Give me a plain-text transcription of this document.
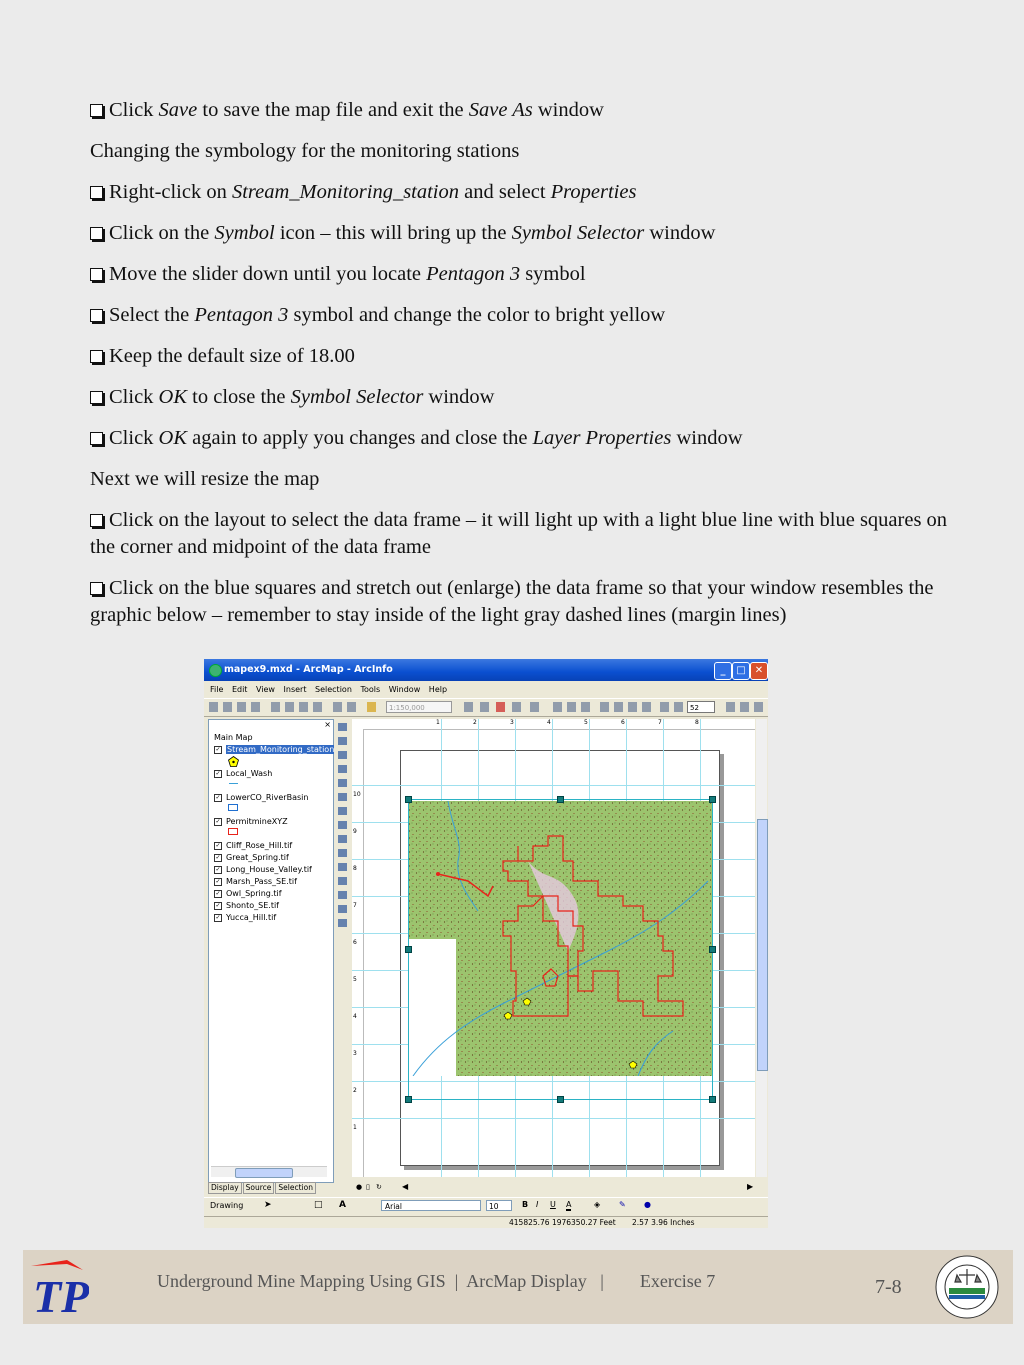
Click Save to save the map file and exit the Save As window

Changing the symbology for the monitoring stations

Right-click on Stream_Monitoring_station and select Properties

Click on the Symbol icon – this will bring up the Symbol Selector window

Move the slider down until you locate Pentagon 3 symbol

Select the Pentagon 3 symbol and change the color to bright yellow

Keep the default size of 18.00

Click OK to close the Symbol Selector window

Click OK again to apply you changes and close the Layer Properties window

Next we will resize the map

Click on the layout to select the data frame – it will light up with a light blue line with blue squares on the corner and midpoint of the data frame

Click on the blue squares and stretch out (enlarge) the data frame so that your window resembles the graphic below – remember to stay inside of the light gray dashed lines (margin lines)

mapex9.mxd - ArcMap - ArcInfo	_	□ ✕
File Edit View Insert Selection Tools Window Help
1:150,000	52
×
Main Map
✓ Stream_Monitoring_station
✓ Local_Wash
✓ LowerCO_RiverBasin
✓ PermitmineXYZ
✓ Cliff_Rose_Hill.tif
✓ Great_Spring.tif
✓ Long_House_Valley.tif
✓ Marsh_Pass_SE.tif
✓ Owl_Spring.tif
✓ Shonto_SE.tif
✓ Yucca_Hill.tif
Display Source Selection
1	2	3	4	5	6	7	8
10
9
8
7
6
5
4
3
2
1
● ▯ ↻	◀	▶
Drawing ➤	□ A	Arial	10	B I U A	◈ ✎ ●
415825.76 1976350.27 Feet 2.57 3.96 Inches
TP	Underground Mine Mapping Using GIS  |  ArcMap Display   |        Exercise 7	7-8
